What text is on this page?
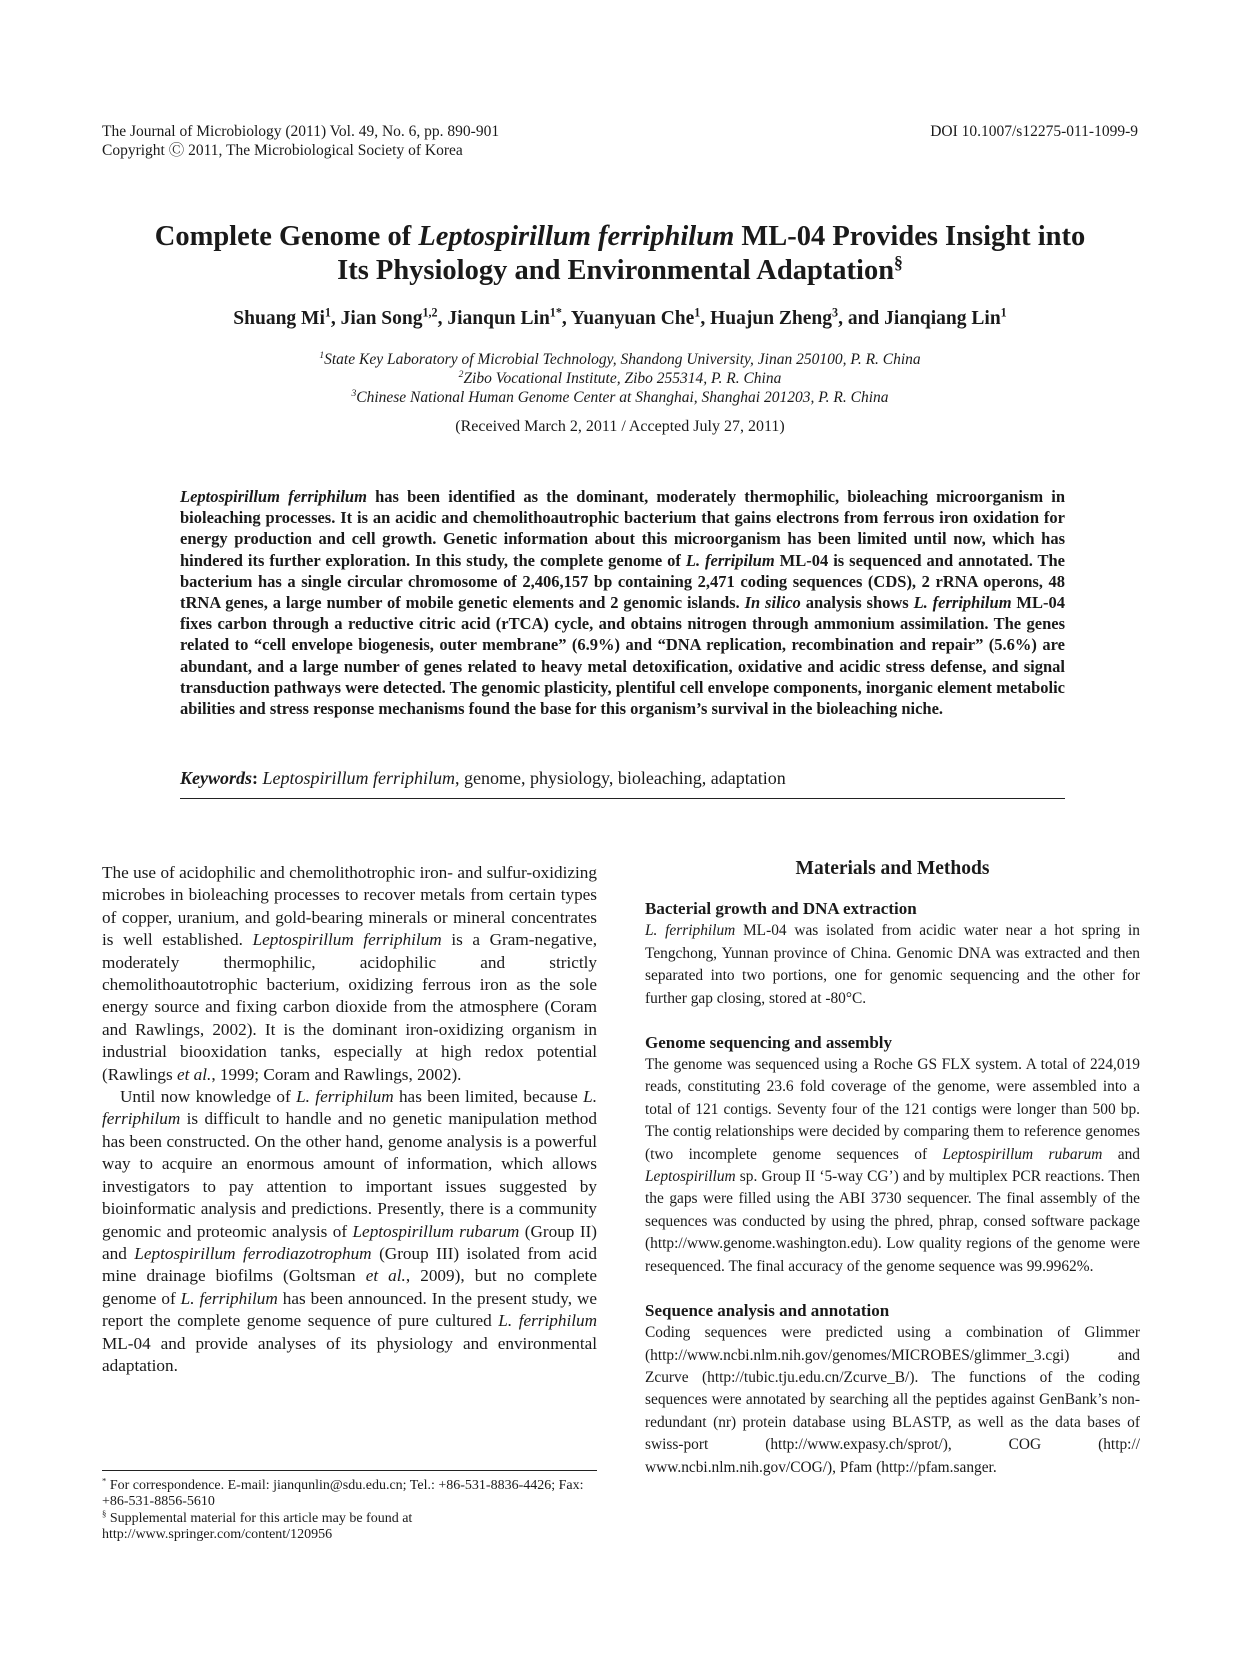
The Journal of Microbiology (2011) Vol. 49, No. 6, pp. 890-901
Copyright Ⓒ 2011, The Microbiological Society of Korea
DOI 10.1007/s12275-011-1099-9
Complete Genome of Leptospirillum ferriphilum ML-04 Provides Insight into
Its Physiology and Environmental Adaptation§
Shuang Mi$^1$, Jian Song$^{1,2}$, Jianqun Lin$^{1*}$, Yuanyuan Che$^1$, Huajun Zheng$^3$, and Jianqiang Lin$^1$
$^1$State Key Laboratory of Microbial Technology, Shandong University, Jinan 250100, P. R. China
$^2$Zibo Vocational Institute, Zibo 255314, P. R. China
$^3$Chinese National Human Genome Center at Shanghai, Shanghai 201203, P. R. China
(Received March 2, 2011 / Accepted July 27, 2011)
Leptospirillum ferriphilum has been identified as the dominant, moderately thermophilic, bioleaching microorganism in bioleaching processes. It is an acidic and chemolithoautrophic bacterium that gains electrons from ferrous iron oxidation for energy production and cell growth. Genetic information about this microorganism has been limited until now, which has hindered its further exploration. In this study, the complete genome of L. ferripilum ML-04 is sequenced and annotated. The bacterium has a single circular chromosome of 2,406,157 bp containing 2,471 coding sequences (CDS), 2 rRNA operons, 48 tRNA genes, a large number of mobile genetic elements and 2 genomic islands. In silico analysis shows L. ferriphilum ML-04 fixes carbon through a reductive citric acid (rTCA) cycle, and obtains nitrogen through ammonium assimilation. The genes related to “cell envelope biogenesis, outer membrane” (6.9%) and “DNA replication, recombination and repair” (5.6%) are abundant, and a large number of genes related to heavy metal detoxification, oxidative and acidic stress defense, and signal transduction pathways were detected. The genomic plasticity, plentiful cell envelope components, inorganic element metabolic abilities and stress response mechanisms found the base for this organism’s survival in the bioleaching niche.
Keywords: Leptospirillum ferriphilum, genome, physiology, bioleaching, adaptation

The use of acidophilic and chemolithotrophic iron- and sulfur-oxidizing microbes in bioleaching processes to recover metals from certain types of copper, uranium, and gold-bearing minerals or mineral concentrates is well established. Leptospirillum ferriphilum is a Gram-negative, moderately thermophilic, acidophilic and strictly chemolithoautotrophic bacterium, oxidizing ferrous iron as the sole energy source and fixing carbon dioxide from the atmosphere (Coram and Rawlings, 2002). It is the dominant iron-oxidizing organism in industrial biooxidation tanks, especially at high redox potential (Rawlings et al., 1999; Coram and Rawlings, 2002).

Until now knowledge of L. ferriphilum has been limited, because L. ferriphilum is difficult to handle and no genetic manipulation method has been constructed. On the other hand, genome analysis is a powerful way to acquire an enormous amount of information, which allows investigators to pay attention to important issues suggested by bioinformatic analysis and predictions. Presently, there is a community genomic and proteomic analysis of Leptospirillum rubarum (Group II) and Leptospirillum ferrodiazotrophum (Group III) isolated from acid mine drainage biofilms (Goltsman et al., 2009), but no complete genome of L. ferriphilum has been announced. In the present study, we report the complete genome sequence of pure cultured L. ferriphilum ML-04 and provide analyses of its physiology and environmental adaptation.

* For correspondence. E-mail: jianqunlin@sdu.edu.cn; Tel.: +86-531-8836-4426; Fax: +86-531-8856-5610

§ Supplemental material for this article may be found at http://www.springer.com/content/120956

Materials and Methods
Bacterial growth and DNA extraction

L. ferriphilum ML-04 was isolated from acidic water near a hot spring in Tengchong, Yunnan province of China. Genomic DNA was extracted and then separated into two portions, one for genomic sequencing and the other for further gap closing, stored at -80°C.

Genome sequencing and assembly

The genome was sequenced using a Roche GS FLX system. A total of 224,019 reads, constituting 23.6 fold coverage of the genome, were assembled into a total of 121 contigs. Seventy four of the 121 contigs were longer than 500 bp. The contig relationships were decided by comparing them to reference genomes (two incomplete genome sequences of Leptospirillum rubarum and Leptospirillum sp. Group II ‘5-way CG’) and by multiplex PCR reactions. Then the gaps were filled using the ABI 3730 sequencer. The final assembly of the sequences was conducted by using the phred, phrap, consed software package (http://www.genome.washington.edu). Low quality regions of the genome were resequenced. The final accuracy of the genome sequence was 99.9962%.

Sequence analysis and annotation

Coding sequences were predicted using a combination of Glimmer (http://www.ncbi.nlm.nih.gov/genomes/MICROBES/glimmer_3.cgi) and Zcurve (http://tubic.tju.edu.cn/Zcurve_B/). The functions of the coding sequences were annotated by searching all the peptides against GenBank’s non-redundant (nr) protein database using BLASTP, as well as the data bases of swiss-port (http://www.expasy.ch/sprot/), COG (http:// www.ncbi.nlm.nih.gov/COG/), Pfam (http://pfam.sanger.
